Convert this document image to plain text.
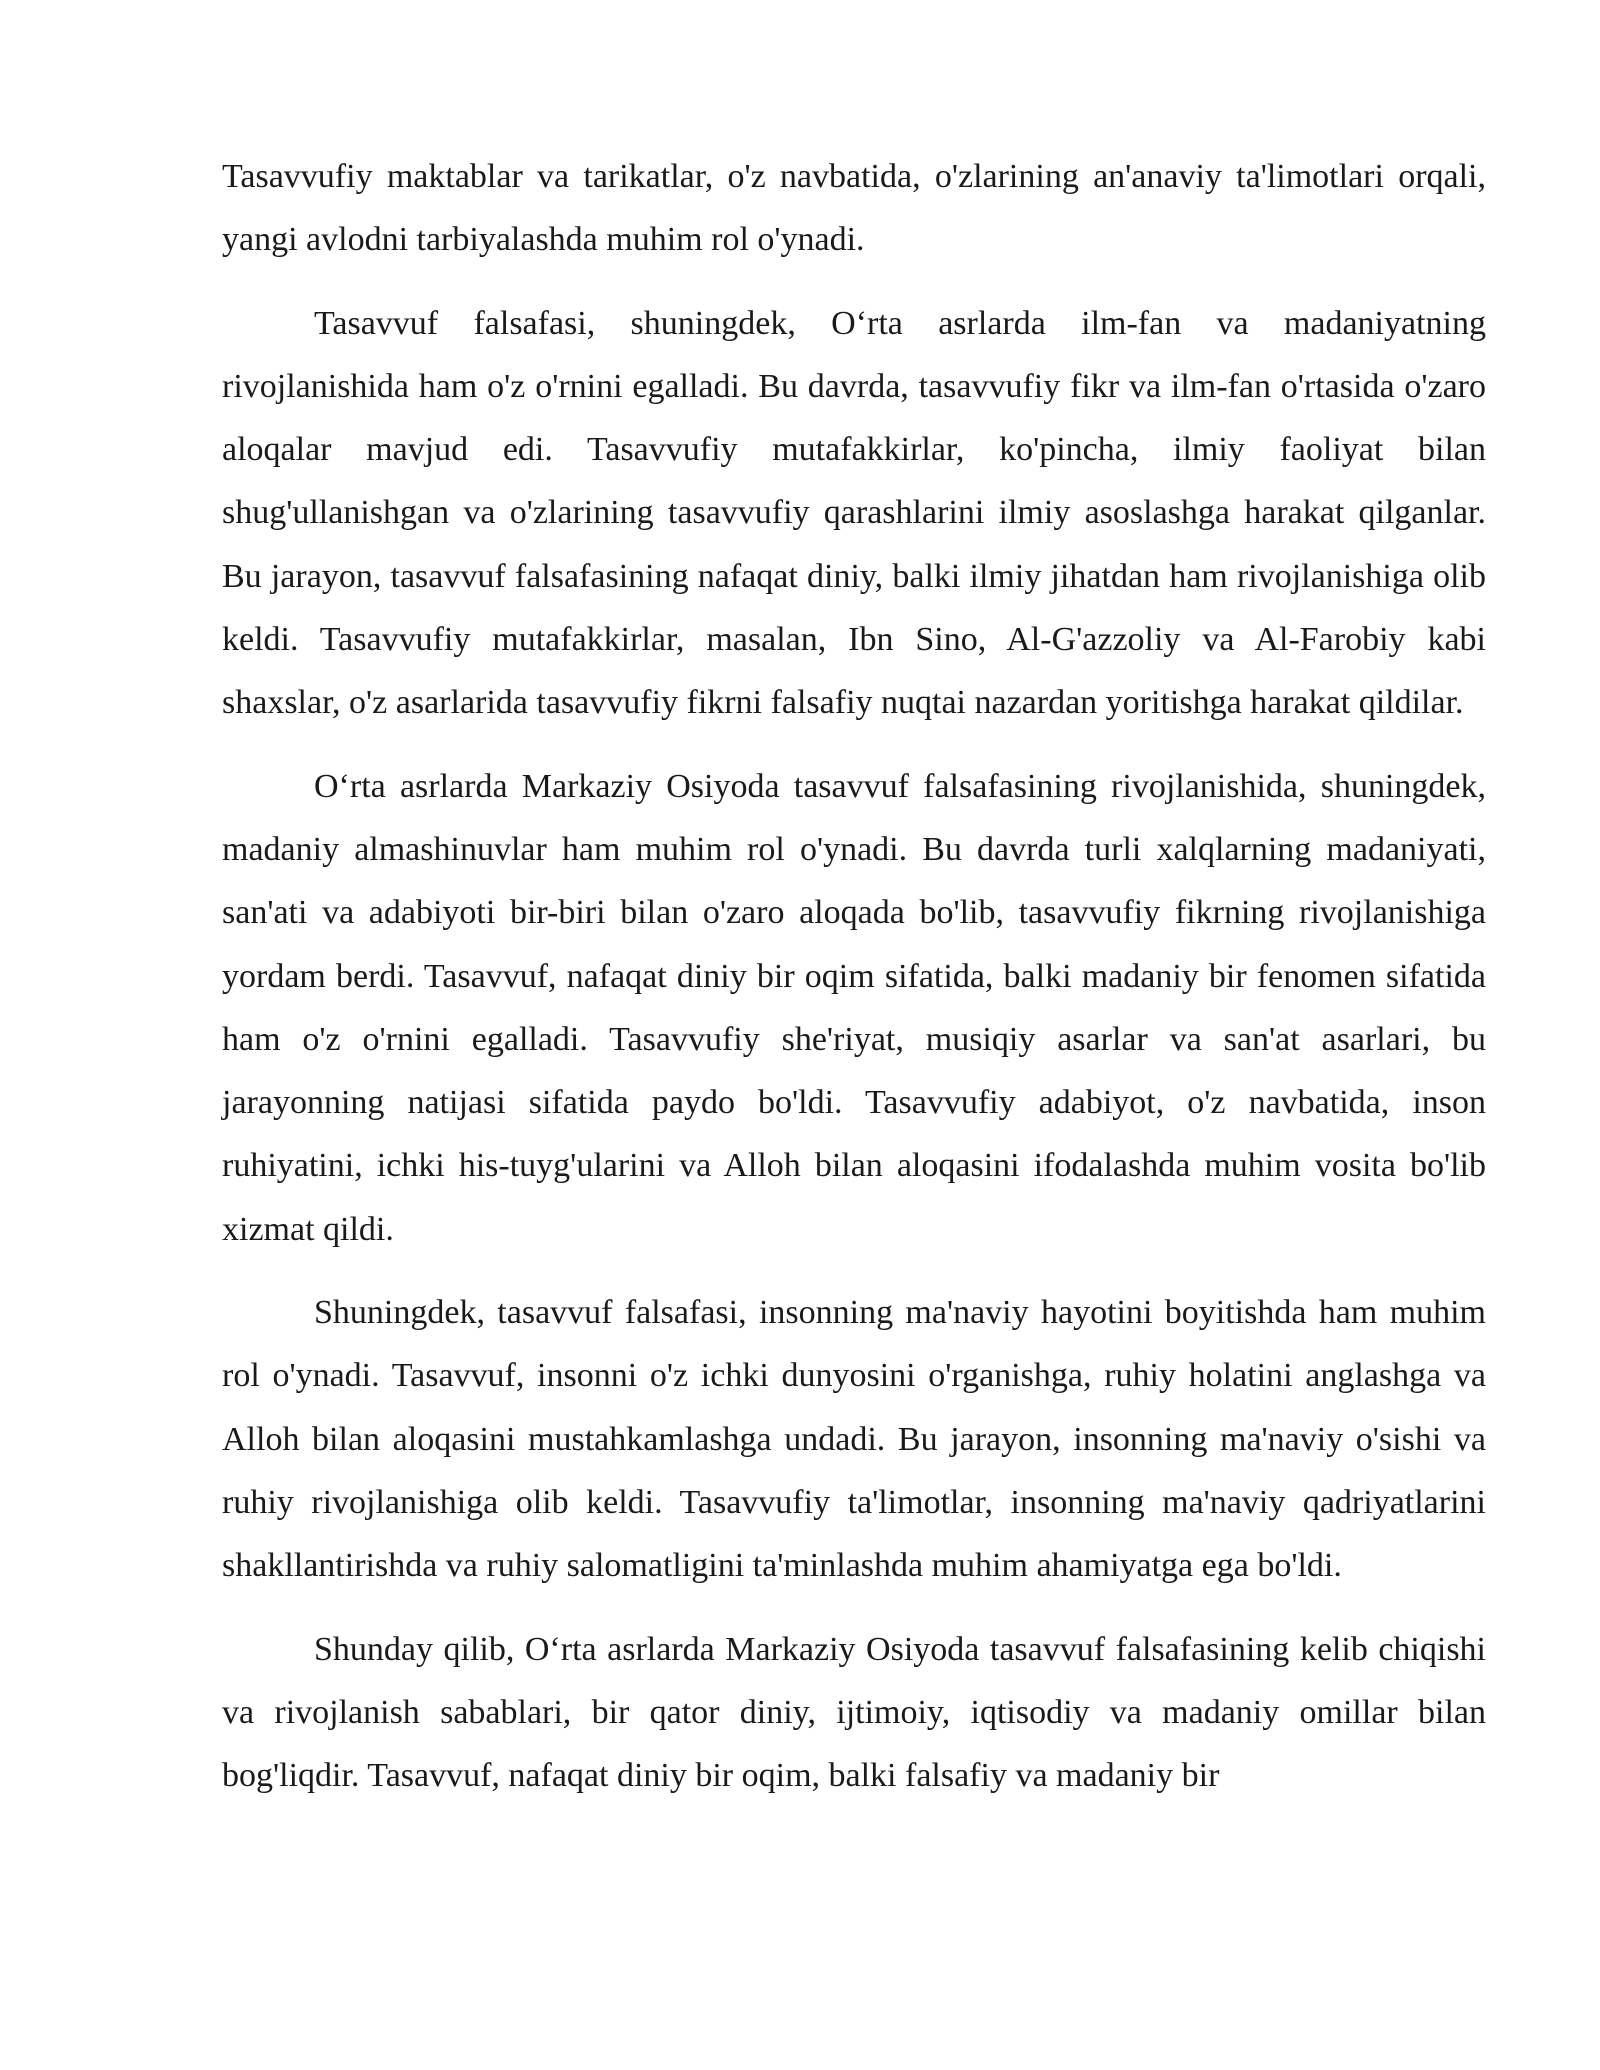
Tasavvufiy maktablar va tarikatlar, o'z navbatida, o'zlarining an'anaviy ta'limotlari orqali, yangi avlodni tarbiyalashda muhim rol o'ynadi.

Tasavvuf falsafasi, shuningdek, O‘rta asrlarda ilm-fan va madaniyatning rivojlanishida ham o'z o'rnini egalladi. Bu davrda, tasavvufiy fikr va ilm-fan o'rtasida o'zaro aloqalar mavjud edi. Tasavvufiy mutafakkirlar, ko'pincha, ilmiy faoliyat bilan shug'ullanishgan va o'zlarining tasavvufiy qarashlarini ilmiy asoslashga harakat qilganlar. Bu jarayon, tasavvuf falsafasining nafaqat diniy, balki ilmiy jihatdan ham rivojlanishiga olib keldi. Tasavvufiy mutafakkirlar, masalan, Ibn Sino, Al-G'azzoliy va Al-Farobiy kabi shaxslar, o'z asarlarida tasavvufiy fikrni falsafiy nuqtai nazardan yoritishga harakat qildilar.

O‘rta asrlarda Markaziy Osiyoda tasavvuf falsafasining rivojlanishida, shuningdek, madaniy almashinuvlar ham muhim rol o'ynadi. Bu davrda turli xalqlarning madaniyati, san'ati va adabiyoti bir-biri bilan o'zaro aloqada bo'lib, tasavvufiy fikrning rivojlanishiga yordam berdi. Tasavvuf, nafaqat diniy bir oqim sifatida, balki madaniy bir fenomen sifatida ham o'z o'rnini egalladi. Tasavvufiy she'riyat, musiqiy asarlar va san'at asarlari, bu jarayonning natijasi sifatida paydo bo'ldi. Tasavvufiy adabiyot, o'z navbatida, inson ruhiyatini, ichki his-tuyg'ularini va Alloh bilan aloqasini ifodalashda muhim vosita bo'lib xizmat qildi.

Shuningdek, tasavvuf falsafasi, insonning ma'naviy hayotini boyitishda ham muhim rol o'ynadi. Tasavvuf, insonni o'z ichki dunyosini o'rganishga, ruhiy holatini anglashga va Alloh bilan aloqasini mustahkamlashga undadi. Bu jarayon, insonning ma'naviy o'sishi va ruhiy rivojlanishiga olib keldi. Tasavvufiy ta'limotlar, insonning ma'naviy qadriyatlarini shakllantirishda va ruhiy salomatligini ta'minlashda muhim ahamiyatga ega bo'ldi.

Shunday qilib, O‘rta asrlarda Markaziy Osiyoda tasavvuf falsafasining kelib chiqishi va rivojlanish sabablari, bir qator diniy, ijtimoiy, iqtisodiy va madaniy omillar bilan bog'liqdir. Tasavvuf, nafaqat diniy bir oqim, balki falsafiy va madaniy bir
